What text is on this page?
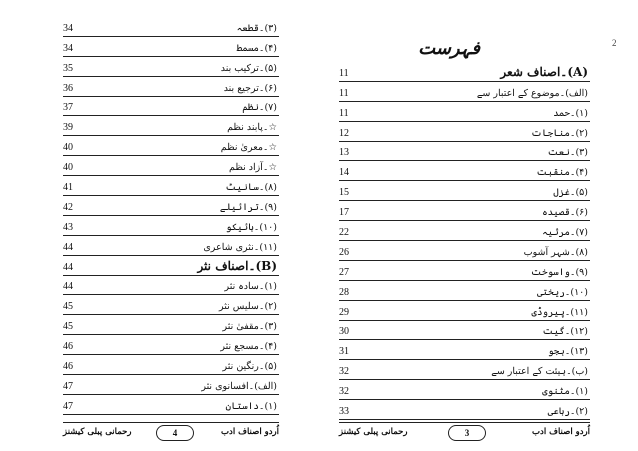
34	(۳)۔قطعہ
34	(۴)۔مسمط
35	(۵)۔ترکیب بند
36	(۶)۔ترجیع بند
37	(۷)۔نظم
39	☆۔پابند نظم
40	☆۔معریٰ نظم
40	☆۔آزاد نظم
41	(۸)۔سانیٹ
42	(۹)۔ترائیلے
43	(۱۰)۔ہائیکو
44	(۱۱)۔نثری شاعری
44	(B)۔اصناف نثر
44	(۱)۔سادہ نثر
45	(۲)۔سلیس نثر
45	(۳)۔مقفیٰ نثر
46	(۴)۔مسجع نثر
46	(۵)۔رنگین نثر
47	(الف)۔افسانوی نثر
47	(۱)۔داستان
رحمانی پبلی کیشنز	4	اُردو اصناف ادب
فہرست
11	(A)۔اصناف شعر
11	(الف)۔موضوع کے اعتبار سے
11	(۱)۔حمد
12	(۲)۔مناجات
13	(۳)۔نعت
14	(۴)۔منقبت
15	(۵)۔غزل
17	(۶)۔قصیدہ
22	(۷)۔مرثیہ
26	(۸)۔شہر آشوب
27	(۹)۔واسوخت
28	(۱۰)۔ریختی
29	(۱۱)۔پیروڈی
30	(۱۲)۔گیت
31	(۱۳)۔ہجو
32	(ب)۔ہیئت کے اعتبار سے
32	(۱)۔مثنوی
33	(۲)۔رباعی
رحمانی پبلی کیشنز	3	اُردو اصناف ادب
2
